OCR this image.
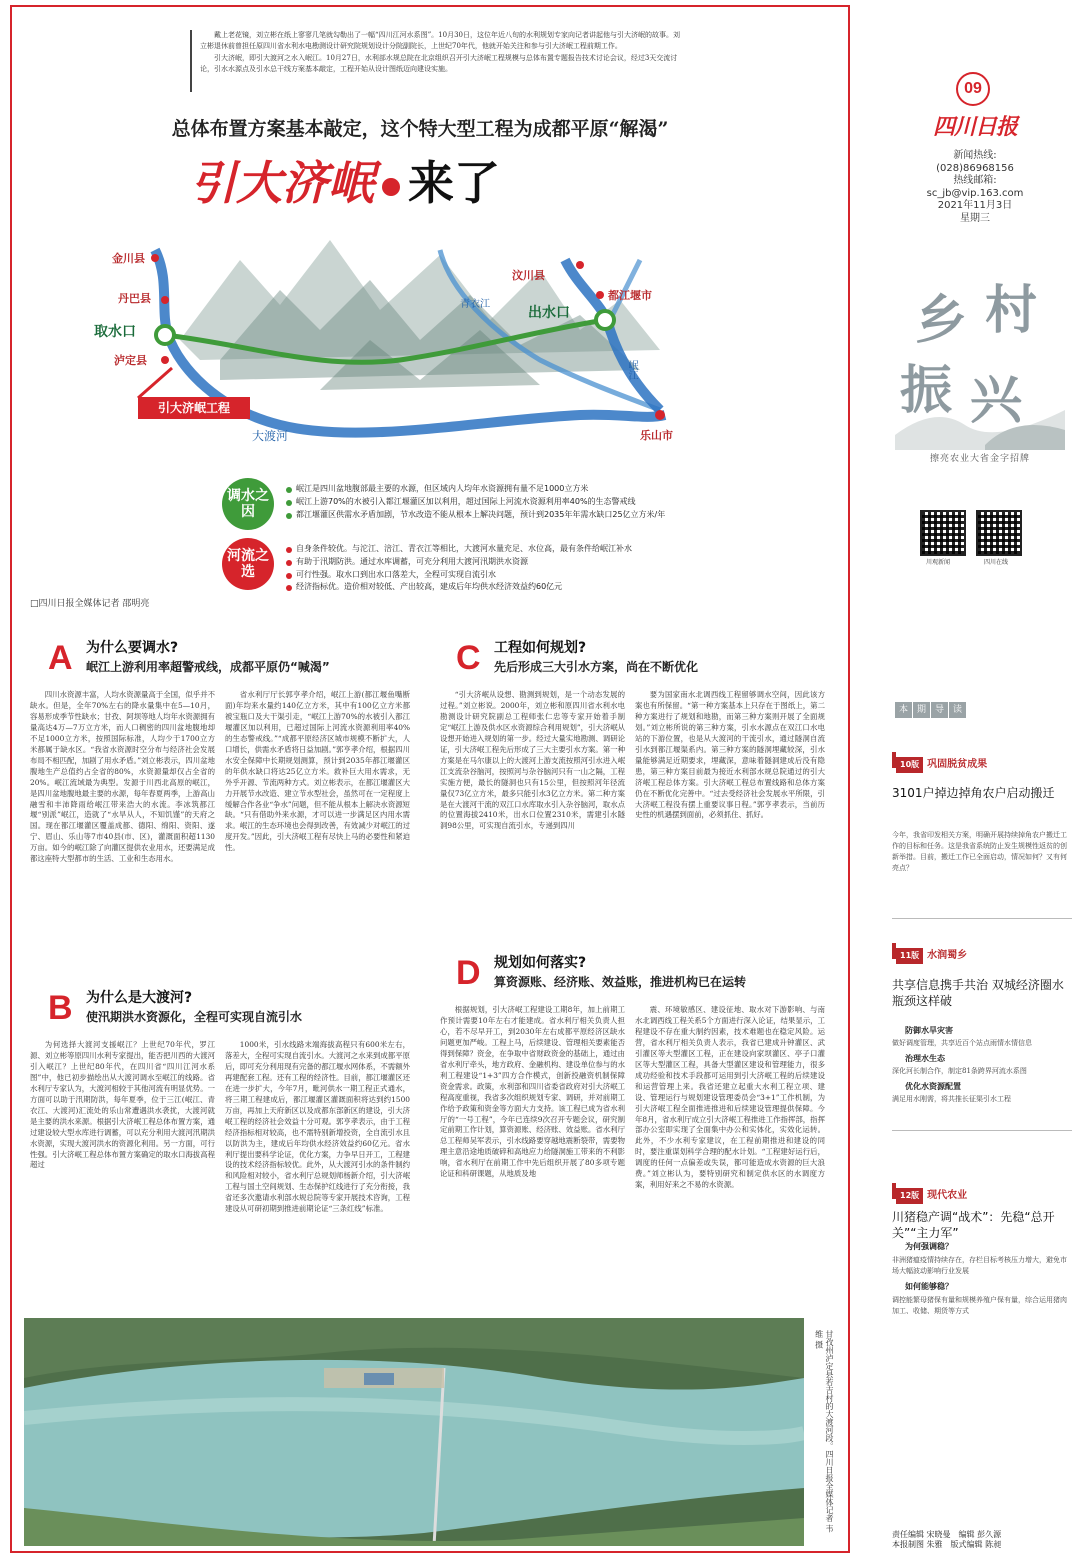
戴上老花镜，刘立彬在纸上寥寥几笔就勾勒出了一幅“四川江河水系图”。10月30日，这位年近八旬的水利规划专家向记者讲起他与引大济岷的故事。刘立彬退休前曾担任原四川省水利水电勘测设计研究院规划设计分院副院长，上世纪70年代，他就开始关注和参与引大济岷工程前期工作。

引大济岷，即引大渡河之水入岷江。10月27日，水利部水规总院在北京组织召开引大济岷工程规模与总体布置专题报告技术讨论会议，经过3天交流讨论，引水水源点及引水总干线方案基本敲定，工程开始从设计图纸迈向建设实施。

09
四川日报
新闻热线:
(028)86968156
热线邮箱:
sc_jb@vip.163.com
2021年11月3日
星期三
乡 村
振 兴
擦亮农业大省金字招牌
川观新闻	四川在线
总体布置方案基本敲定，这个特大型工程为成都平原“解渴”
引大济岷 来了
金川县
丹巴县
取水口
泸定县
汶川县
都江堰市
出水口
乐山市
大渡河
青衣江
岷江
引大济岷工程
调水之因
岷江是四川盆地腹部最主要的水源，但区域内人均年水资源拥有量不足1000立方米
岷江上游70%的水被引入都江堰灌区加以利用，超过国际上河流水资源利用率40%的生态警戒线
都江堰灌区供需水矛盾加剧，节水改造不能从根本上解决问题，预计到2035年年需水缺口25亿立方米/年
河流之选
自身条件较优。与沱江、涪江、青衣江等相比，大渡河水量充足、水位高，最有条件给岷江补水
有助于汛期防洪。通过水库调蓄，可充分利用大渡河汛期洪水资源
可行性强。取水口到出水口落差大，全程可实现自流引水
经济指标优。造价相对较低、产出较高，建成后年均供水经济效益约60亿元
□四川日报全媒体记者 邵明亮
A 为什么要调水?
岷江上游利用率超警戒线，成都平原仍“喊渴”

四川水资源丰富，人均水资源量高于全国，似乎并不缺水。但是，全年70%左右的降水量集中在5—10月，容易形成季节性缺水；甘孜、阿坝等地人均年水资源拥有量高达4万—7万立方米，而人口稠密的四川盆地腹地却不足1000立方米，按照国际标准，人均少于1700立方米都属于缺水区。“我省水资源时空分布与经济社会发展布局不相匹配，加剧了用水矛盾。”刘立彬表示，四川盆地腹地生产总值约占全省的80%，水资源量却仅占全省的20%。岷江流域最为典型。发源于川西北高原的岷江，是四川盆地腹地最主要的水源，每年春夏两季，上游高山融雪和丰沛降雨给岷江带来浩大的水流。李冰筑都江堰“别派”岷江，造就了“水旱从人，不知饥馑”的天府之国。现在都江堰灌区覆盖成都、德阳、绵阳、资阳、遂宁、眉山、乐山等7市40县(市、区)，灌溉面积超1130万亩。如今的岷江除了向灌区提供农业用水，还要满足成都这座特大型都市的生活、工业和生态用水。

省水利厅厅长郭亨孝介绍，岷江上游(都江堰鱼嘴断面)年均来水量约140亿立方米，其中有100亿立方米都被宝瓶口及大干渠引走，“岷江上游70%的水被引入都江堰灌区加以利用，已超过国际上河流水资源利用率40%的生态警戒线。”“成都平原经济区城市规模不断扩大，人口增长，供需水矛盾将日益加剧。”郭亨孝介绍，根据四川水安全保障中长期规划测算，预计到2035年都江堰灌区的年供水缺口将达25亿立方米。救补巨大用水需求，无外乎开源、节流两种方式。刘立彬表示，在都江堰灌区大力开展节水改造、建立节水型社会，虽然可在一定程度上缓解合作各业“争水”问题，但不能从根本上解决水资源短缺。“只有借助外来水源，才可以进一步满足区内用水需求。岷江的生态环境也会得到改善，有效减少对岷江的过度开发。”因此，引大济岷工程有尽快上马的必要性和紧迫性。

B 为什么是大渡河?
使汛期洪水资源化，全程可实现自流引水

为何选择大渡河支援岷江？上世纪70年代，罗江源、刘立彬等原四川水利专家提出，能否把川西的大渡河引入岷江？上世纪80年代，在四川省“四川江河水系图”中，他已初步描绘出从大渡河调水至岷江的线路。省水利厅专家认为，大渡河相较于其他河流有明显优势。一方面可以助于汛期防洪，每年夏季，位于三江(岷江、青衣江、大渡河)汇流处的乐山常遭遇洪水袭扰，大渡河就是主要的洪水来源。根据引大济岷工程总体布置方案，通过建设较大型水库进行调蓄，可以充分利用大渡河汛期洪水资源，实现大渡河洪水的资源化利用。另一方面，可行性强。引大济岷工程总体布置方案确定的取水口海拔高程超过

1000米，引水线路末端海拔高程只有600米左右，落差大，全程可实现自流引水。大渡河之水来到成都平原后，即可充分利用现有完备的都江堰水网体系，不需额外再建配套工程。还有工程的经济性。目前，都江堰灌区还在进一步扩大，今年7月，毗河供水一期工程正式通水，将三期工程建成后，都江堰灌区灌溉面积将达到约1500万亩，再加上天府新区以及成都东部新区的建设，引大济岷工程的经济社会效益十分可观。郭亨孝表示，由于工程经济指标相对较高，也不需特别新增投资，全自流引水且以防洪为主，建成后年均供水经济效益约60亿元。省水利厅提出要科学论证，优化方案，力争早日开工，工程建设的技术经济指标较优。此外，从大渡河引水的条件制约和风险相对较小，省水利厅总规划师杨新介绍，引大济岷工程与国土空间规划、生态保护红线进行了充分衔接，我省还多次邀请水利部水规总院等专家开展技术咨询，工程建设从可研初期到推进前期论证“三条红线”标准。

C 工程如何规划?
先后形成三大引水方案，尚在不断优化

“引大济岷从设想、勘测到规划，是一个动态发展的过程。”刘立彬说。2000年，刘立彬和原四川省水利水电勘测设计研究院副总工程师张仁忠等专家开始着手制定“岷江上游及供水区水资源综合利用规划”，引大济岷从设想开始进入规划的第一步。经过大量实地勘测、调研论证，引大济岷工程先后形成了三大主要引水方案。第一种方案是在马尔康以上的大渡河上游支流按照河引水进入岷江支流杂谷脑河，按照河与杂谷脑河只有一山之隔，工程实施方便，最长的隧洞也只有15公里，但按照河年径流量仅73亿立方米，最多只能引水3亿立方米。第二种方案是在大渡河干流的双江口水库取水引入杂谷脑河，取水点的位置海拔2410米，出水口位置2310米，需建引水隧洞98公里，可实现自流引水，专递到四川

要为国家南水北调西线工程留够调水空间，因此该方案也有所保留。“第一种方案基本上只存在于图纸上，第二种方案进行了规划和地勘，而第三种方案则开展了全面规划。”刘立彬所说的第三种方案，引水水源点在双江口水电站的下游位置，也是从大渡河的干流引水，通过隧洞自流引水到都江堰渠系内。第三种方案的隧洞埋藏较深，引水量能够满足近期要求，埋藏深，意味着隧洞建成后没有隐患，第三种方案目前最为接近水利部水规总院通过的引大济岷工程总体方案。引大济岷工程总布置线路和总体方案仍在不断优化完善中。“过去受经济社会发展水平所限，引大济岷工程没有摆上重要议事日程。”郭亨孝表示，当前历史性的机遇摆到面前，必须抓住、抓好。

D 规划如何落实?
算资源账、经济账、效益账，推进机构已在运转

根据规划，引大济岷工程建设工期8年，加上前期工作预计需要10年左右才能建成。省水利厅相关负责人担心，若不尽早开工，到2030年左右成都平原经济区缺水问题更加严峻。工程上马，后续建设、管理相关要素能否得到保障？资金，在争取中省财政资金的基础上，通过由省水利厅牵头，地方政府、金融机构、建设单位参与的水利工程建设“1+3”四方合作模式，创新投融资机制保障资金需求。政策，水利部和四川省委省政府对引大济岷工程高度重视，我省多次组织规划专家、调研，并对前期工作给予政策和资金等方面大力支持。该工程已成为省水利厅的“一号工程”，今年已连续9次召开专题会议，研究制定前期工作计划，算资源账、经济账、效益账。省水利厅总工程师吴军表示，引水线路要穿越地震断裂带，需要物理主意沿途地质破碎和高地应力给隧洞施工带来的不利影响，省水利厅在前期工作中先后组织开展了80多项专题论证和科研课题，从地质及地

震、环境敏感区、建设征地、取水对下游影响、与南水北调西线工程关系5个方面进行深入论证，结果显示，工程建设不存在重大制约因素，技术难题也在稳定风险。运营，省水利厅相关负责人表示，我省已建成升钟灌区、武引灌区等大型灌区工程，正在建设向家坝灌区、亭子口灌区等大型灌区工程，具备大型灌区建设和管理能力，很多成功经验和技术手段都可运用到引大济岷工程的后续建设和运营管理上来。我省还建立起重大水利工程立项、建设、管理运行与规划建设管理委员会“3+1”工作机制，为引大济岷工程全面推进推进和后续建设管理提供保障。今年8月，省水利厅成立引大济岷工程推进工作指挥部，指挥部办公室即实现了全面集中办公和实体化，实效化运转。此外，不少水利专家建议，在工程前期推进和建设的同时，要注重谋划科学合理的配水计划。“工程建好运行后，调度的任何一点偏差或失误，都可能造成水资源的巨大浪费。”刘立彬认为，要特别研究和制定供水区的水调度方案，利用好来之不易的水资源。

甘孜州泸定县若吉村的大渡河段。四川日报全媒体记者 韦维 摄
本 期 导 读
10版 巩固脱贫成果
3101户掉边掉角农户启动搬迁
今年，我省印发相关方案，明确开展持续掉角农户搬迁工作的目标和任务。这是我省系统防止发生规模性返贫的创新举措。目前，搬迁工作已全面启动，情况如何？又有何亮点？
11版 水润蜀乡
共享信息携手共治 双城经济圈水瓶颈这样破
防御水旱灾害
做好调度管理，共享近百个站点雨情水情信息
治理水生态
深化河长制合作，制定81条跨界河流水系图
优化水资源配置
满足用水刚需，将共推长征渠引水工程
12版 现代农业
川猪稳产调“战术”：先稳“总开关”“主力军”
为何强调稳？
非洲猪瘟疫情持续存在，存栏目标考核压力增大，避免市场大幅波动影响行业发展
如何能够稳？
调控能繁母猪保有量和规模养殖户保有量，综合运用猪肉加工、收储、期货等方式
责任编辑 宋晓曼　编辑 彭久源
本报制图 朱雅　版式编辑 陈昶
